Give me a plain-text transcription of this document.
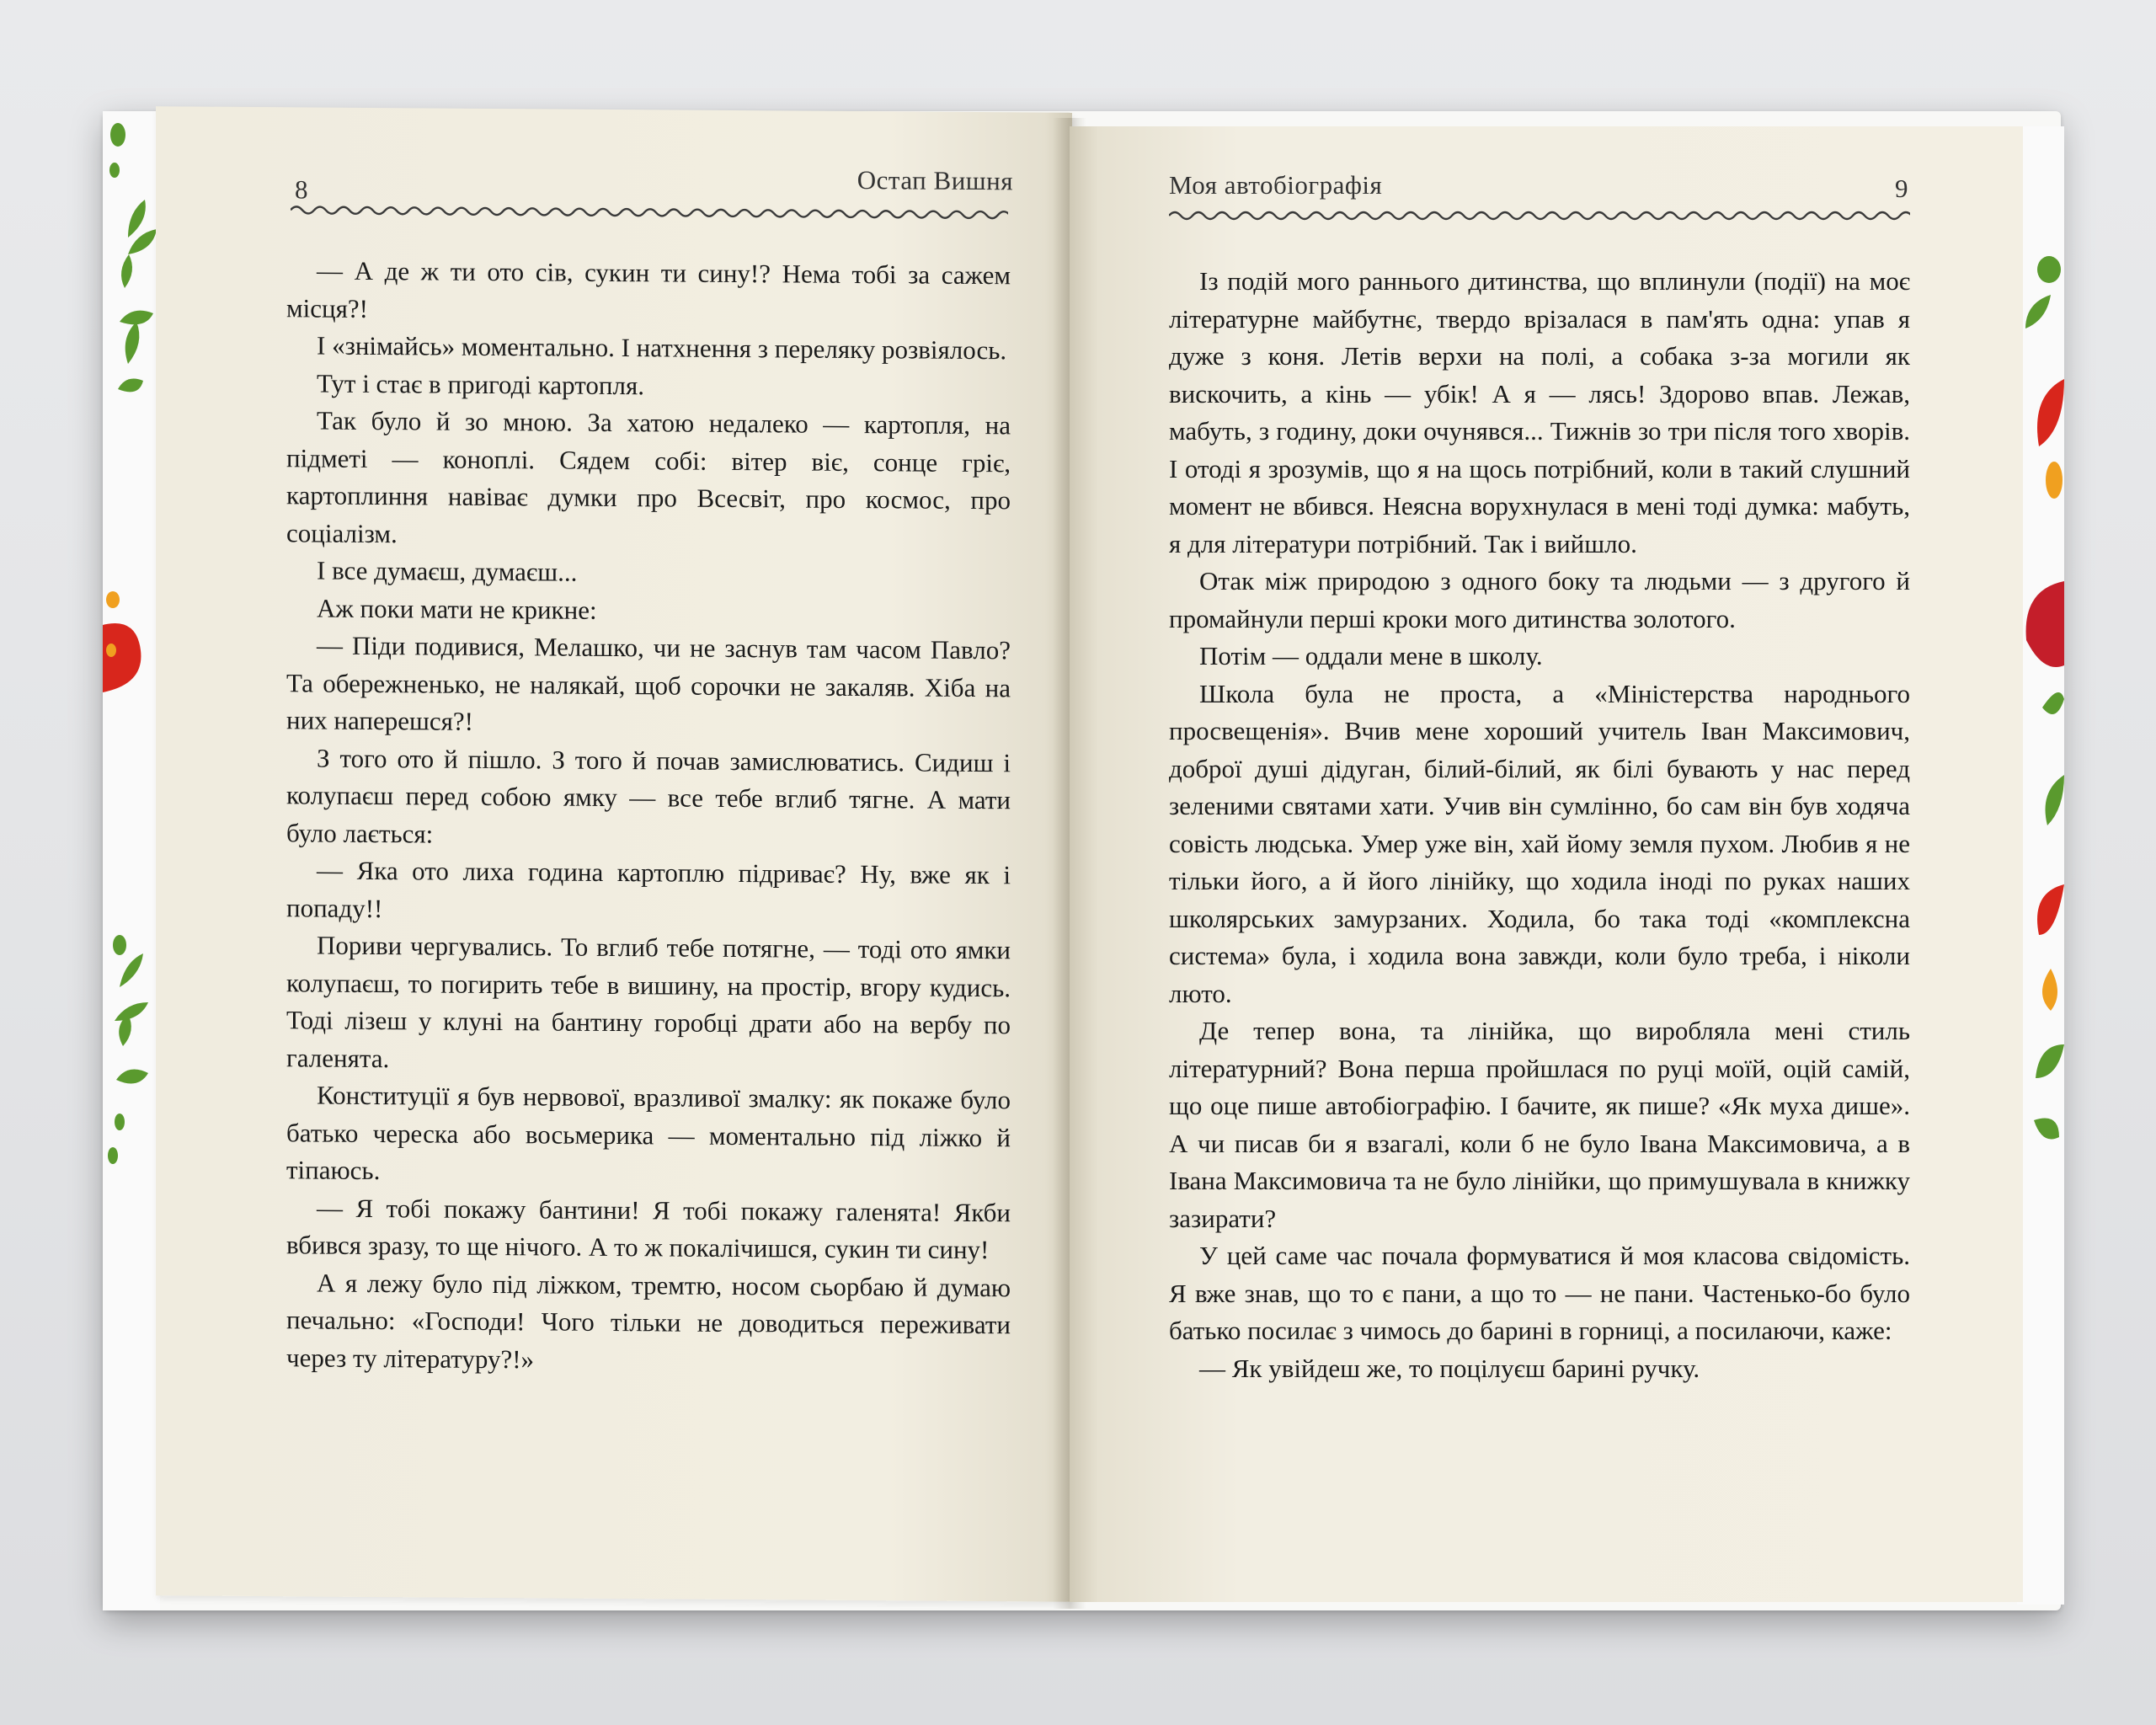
8	Остап Вишня

— А де ж ти ото сів, сукин ти сину!? Нема тобі за сажем місця?!

І «знімайсь» моментально. І натхнення з переляку розвіялось.

Тут і стає в пригоді картопля.

Так було й зо мною. За хатою недалеко — картопля, на підметі — коноплі. Сядем собі: вітер віє, сонце гріє, картоплиння навіває думки про Всесвіт, про космос, про соціалізм.

І все думаєш, думаєш...

Аж поки мати не крикне:

— Піди подивися, Мелашко, чи не заснув там часом Павло? Та обережненько, не налякай, щоб сорочки не закаляв. Хіба на них наперешся?!

З того ото й пішло. З того й почав замислюватись. Сидиш і колупаєш перед собою ямку — все тебе вглиб тягне. А мати було лається:

— Яка ото лиха година картоплю підриває? Ну, вже як і попаду!!

Пориви чергувались. То вглиб тебе потягне, — тоді ото ямки колупаєш, то погирить тебе в вишину, на простір, вгору кудись. Тоді лізеш у клуні на бантину горобці драти або на вербу по галенята.

Конституції я був нервової, вразливої змалку: як покаже було батько череска або восьмерика — моментально під ліжко й тіпаюсь.

— Я тобі покажу бантини! Я тобі покажу галенята! Якби вбився зразу, то ще нічого. А то ж покалічишся, сукин ти сину!

А я лежу було під ліжком, тремтю, носом сьорбаю й думаю печально: «Господи! Чого тільки не доводиться переживати через ту літературу?!»

Моя автобіографія	9

Із подій мого раннього дитинства, що вплинули (події) на моє літературне майбутнє, твердо врізалася в пам'ять одна: упав я дуже з коня. Летів верхи на полі, а собака з-за могили як вискочить, а кінь — убік! А я — лясь! Здорово впав. Лежав, мабуть, з годину, доки очунявся... Тижнів зо три після того хворів. І отоді я зрозумів, що я на щось потрібний, коли в такий слушний момент не вбився. Неясна ворухнулася в мені тоді думка: мабуть, я для літератури потрібний. Так і вийшло.

Отак між природою з одного боку та людьми — з другого й промайнули перші кроки мого дитинства золотого.

Потім — оддали мене в школу.

Школа була не проста, а «Міністерства народнього просвещенія». Вчив мене хороший учитель Іван Максимович, доброї душі дідуган, білий-білий, як білі бувають у нас перед зеленими святами хати. Учив він сумлінно, бо сам він був ходяча совість людська. Умер уже він, хай йому земля пухом. Любив я не тільки його, а й його лінійку, що ходила іноді по руках наших школярських замурзаних. Ходила, бо така тоді «комплексна система» була, і ходила вона завжди, коли було треба, і ніколи люто.

Де тепер вона, та лінійка, що виробляла мені стиль літературний? Вона перша пройшлася по руці моїй, оцій самій, що оце пише автобіографію. І бачите, як пише? «Як муха дише». А чи писав би я взагалі, коли б не було Івана Максимовича, а в Івана Максимовича та не було лінійки, що примушувала в книжку зазирати?

У цей саме час почала формуватися й моя класова свідомість. Я вже знав, що то є пани, а що то — не пани. Частенько-бо було батько посилає з чимось до барині в горниці, а посилаючи, каже:

— Як увійдеш же, то поцілуєш барині ручку.
